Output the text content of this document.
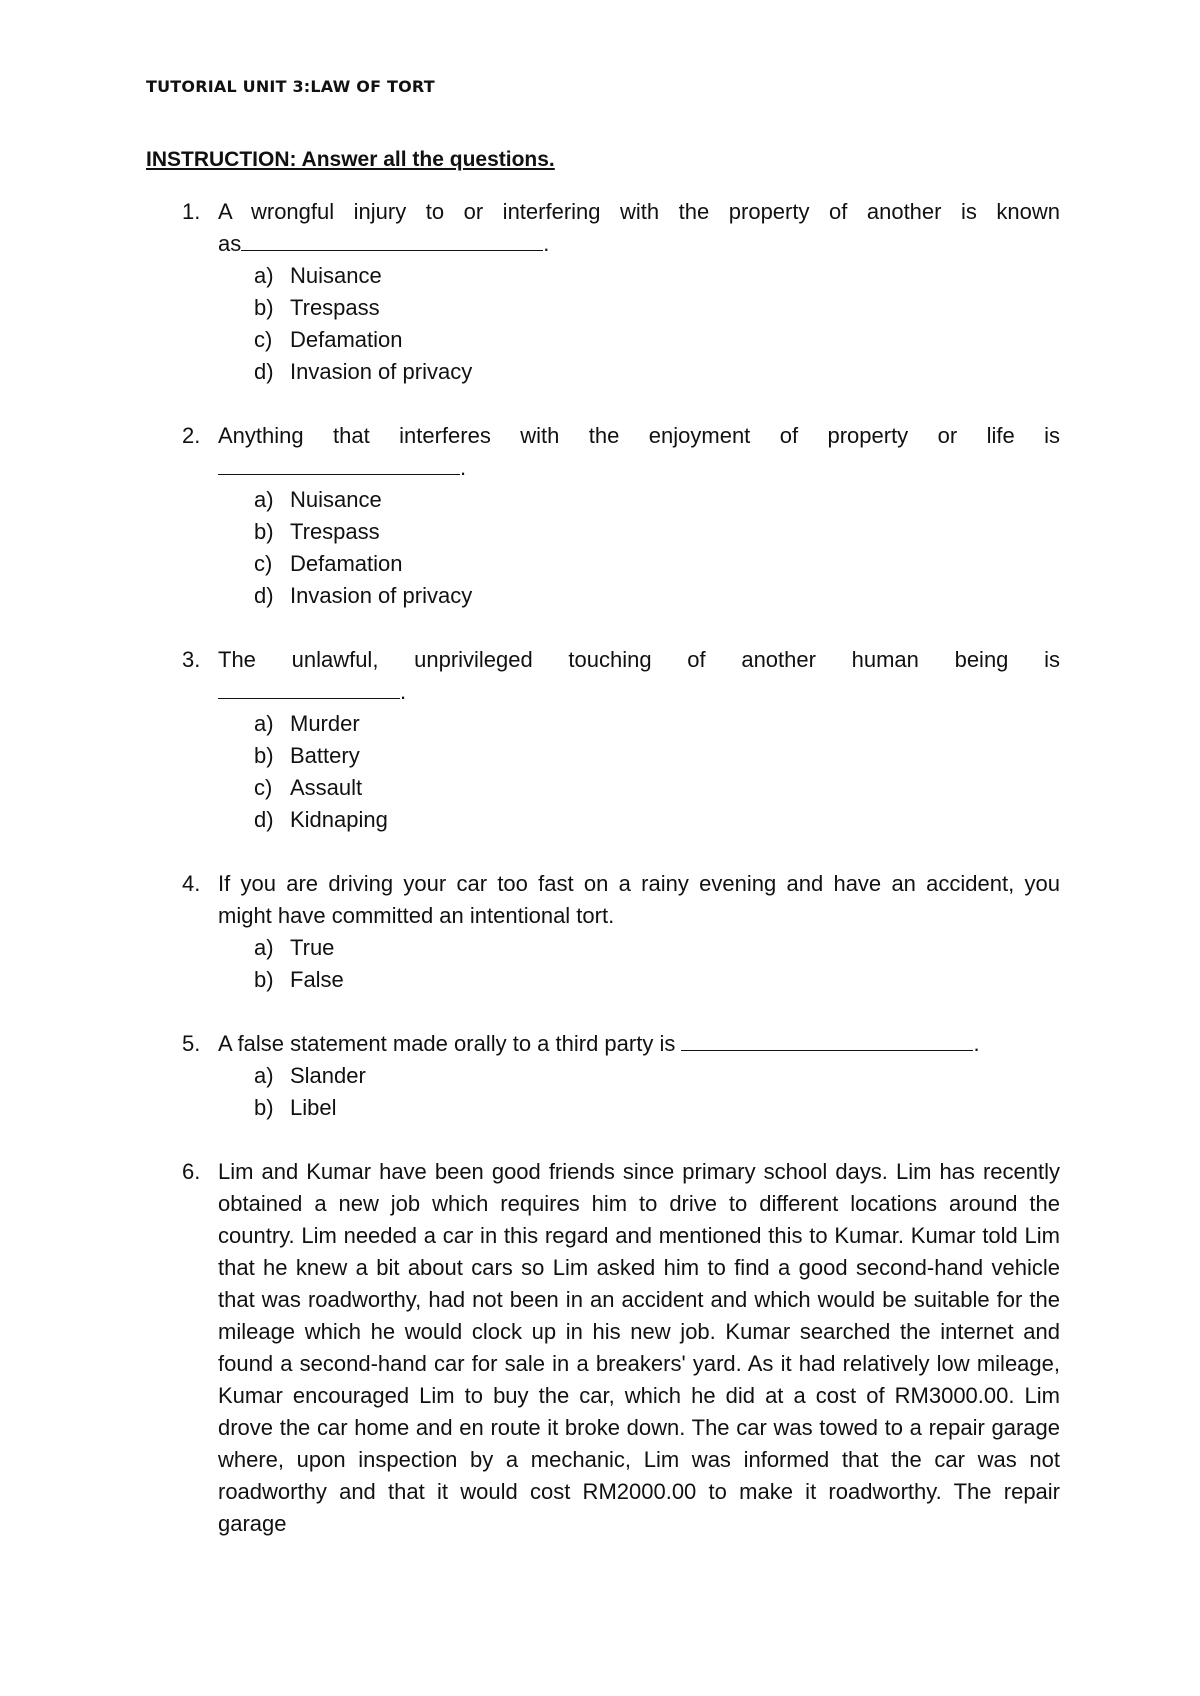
TUTORIAL UNIT 3:LAW OF TORT
INSTRUCTION: Answer all the questions.
1. A wrongful injury to or interfering with the property of another is known
as	.
a) Nuisance
b) Trespass
c) Defamation
d) Invasion of privacy
2. Anything that interferes with the enjoyment of property or life is
.
a) Nuisance
b) Trespass
c) Defamation
d) Invasion of privacy
3. The unlawful, unprivileged touching of another human being is
.
a) Murder
b) Battery
c) Assault
d) Kidnaping
4. If you are driving your car too fast on a rainy evening and have an accident, you
might have committed an intentional tort.
a) True
b) False
5. A false statement made orally to a third party is	.
a) Slander
b) Libel
6. Lim and Kumar have been good friends since primary school days. Lim has recently obtained a new job which requires him to drive to different locations around the country. Lim needed a car in this regard and mentioned this to Kumar. Kumar told Lim that he knew a bit about cars so Lim asked him to find a good second-hand vehicle that was roadworthy, had not been in an accident and which would be suitable for the mileage which he would clock up in his new job. Kumar searched the internet and found a second-hand car for sale in a breakers' yard. As it had relatively low mileage, Kumar encouraged Lim to buy the car, which he did at a cost of RM3000.00. Lim drove the car home and en route it broke down. The car was towed to a repair garage where, upon inspection by a mechanic, Lim was informed that the car was not roadworthy and that it would cost RM2000.00 to make it roadworthy. The repair garage
